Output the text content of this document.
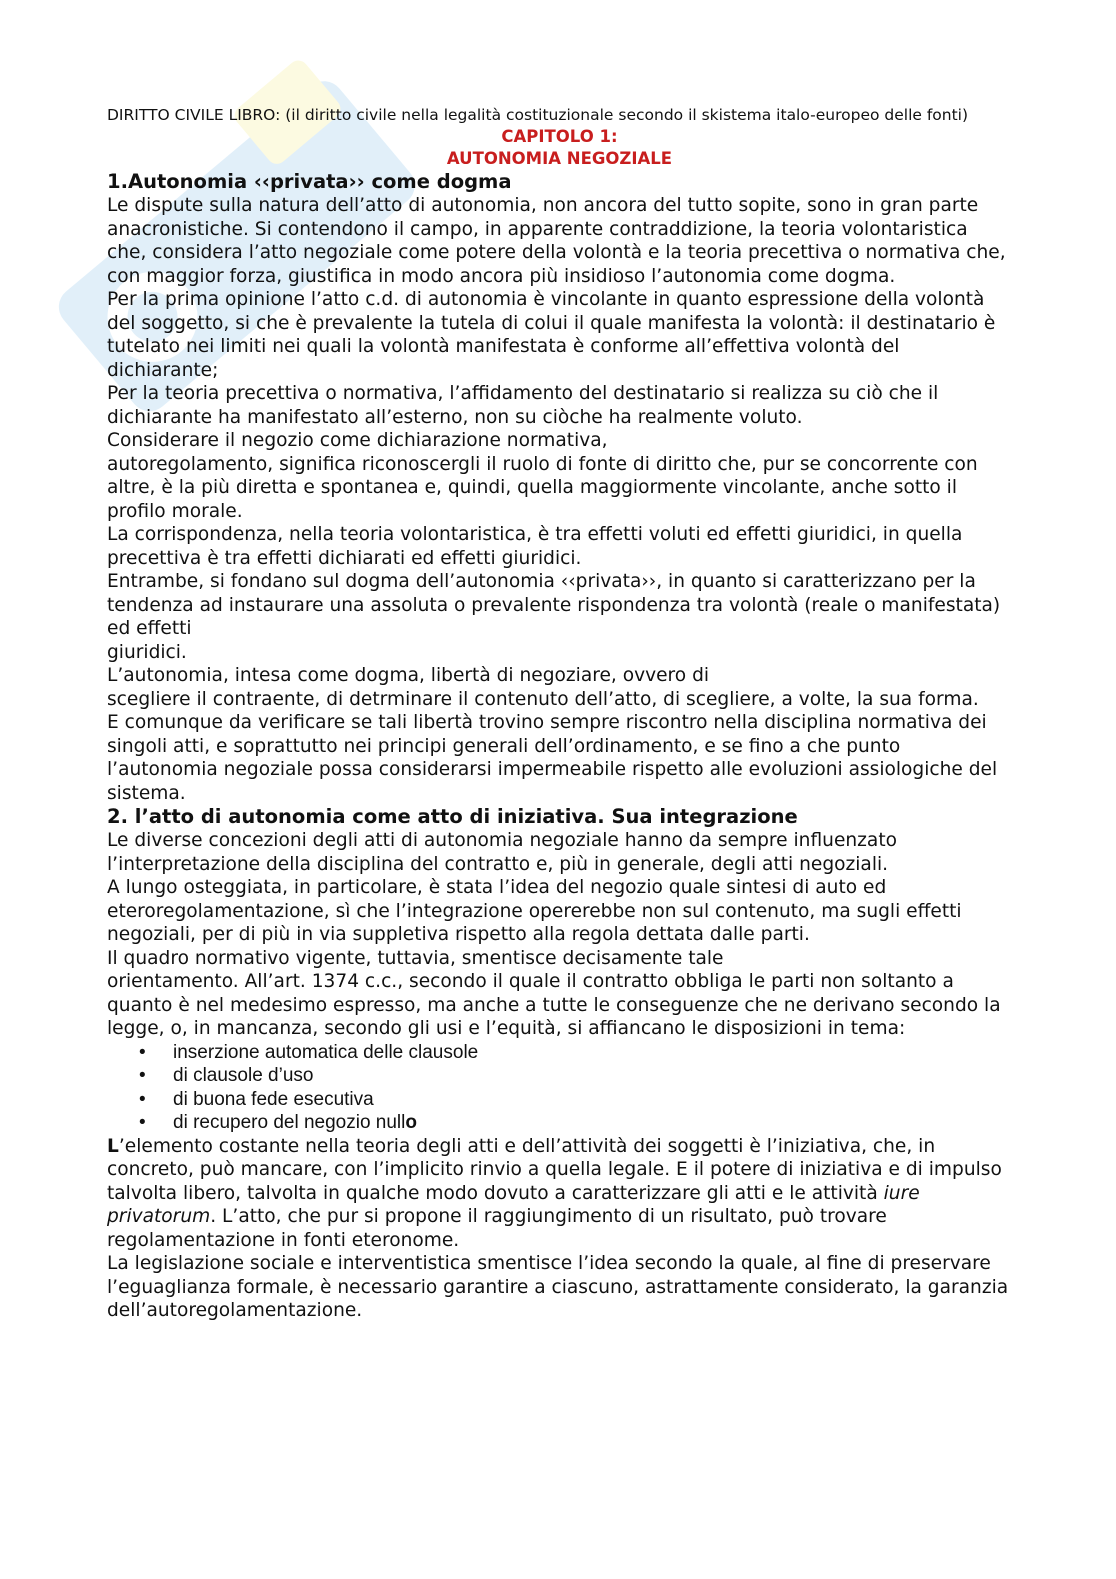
DIRITTO CIVILE LIBRO: (il diritto civile nella legalità costituzionale secondo il skistema italo-europeo delle fonti)
CAPITOLO 1:
AUTONOMIA NEGOZIALE
1.Autonomia ‹‹privata›› come dogma

Le dispute sulla natura dell’atto di autonomia, non ancora del tutto sopite, sono in gran parte anacronistiche. Si contendono il campo, in apparente contraddizione, la teoria volontaristica che, considera l’atto negoziale come potere della volontà e la teoria precettiva o normativa che, con maggior forza, giustifica in modo ancora più insidioso l’autonomia come dogma.

Per la prima opinione l’atto c.d. di autonomia è vincolante in quanto espressione della volontà del soggetto, si che è prevalente la tutela di colui il quale manifesta la volontà: il destinatario è tutelato nei limiti nei quali la volontà manifestata è conforme all’effettiva volontà del dichiarante;

Per la teoria precettiva o normativa, l’affidamento del destinatario si realizza su ciò che il dichiarante ha manifestato all’esterno, non su ciòche ha realmente voluto.

Considerare il negozio come dichiarazione normativa,

autoregolamento, significa riconoscergli il ruolo di fonte di diritto che, pur se concorrente con altre, è la più diretta e spontanea e, quindi, quella maggiormente vincolante, anche sotto il profilo morale.

La corrispondenza, nella teoria volontaristica, è tra effetti voluti ed effetti giuridici, in quella precettiva è tra effetti dichiarati ed effetti giuridici.

Entrambe, si fondano sul dogma dell’autonomia ‹‹privata››, in quanto si caratterizzano per la tendenza ad instaurare una assoluta o prevalente rispondenza tra volontà (reale o manifestata) ed effetti

giuridici.

L’autonomia, intesa come dogma, libertà di negoziare, ovvero di

scegliere il contraente, di detrminare il contenuto dell’atto, di scegliere, a volte, la sua forma.

E comunque da verificare se tali libertà trovino sempre riscontro nella disciplina normativa dei singoli atti, e soprattutto nei principi generali dell’ordinamento, e se fino a che punto l’autonomia negoziale possa considerarsi impermeabile rispetto alle evoluzioni assiologiche del sistema.

2. l’atto di autonomia come atto di iniziativa. Sua integrazione

Le diverse concezioni degli atti di autonomia negoziale hanno da sempre influenzato l’interpretazione della disciplina del contratto e, più in generale, degli atti negoziali.

A lungo osteggiata, in particolare, è stata l’idea del negozio quale sintesi di auto ed eteroregolamentazione, sì che l’integrazione opererebbe non sul contenuto, ma sugli effetti negoziali, per di più in via suppletiva rispetto alla regola dettata dalle parti.

Il quadro normativo vigente, tuttavia, smentisce decisamente tale

orientamento. All’art. 1374 c.c., secondo il quale il contratto obbliga le parti non soltanto a quanto è nel medesimo espresso, ma anche a tutte le conseguenze che ne derivano secondo la legge, o, in mancanza, secondo gli usi e l’equità, si affiancano le disposizioni in tema:

• inserzione automatica delle clausole
• di clausole d’uso
• di buona fede esecutiva
• di recupero del negozio nullo

L’elemento costante nella teoria degli atti e dell’attività dei soggetti è l’iniziativa, che, in concreto, può mancare, con l’implicito rinvio a quella legale. E il potere di iniziativa e di impulso talvolta libero, talvolta in qualche modo dovuto a caratterizzare gli atti e le attività iure privatorum. L’atto, che pur si propone il raggiungimento di un risultato, può trovare regolamentazione in fonti eteronome.

La legislazione sociale e interventistica smentisce l’idea secondo la quale, al fine di preservare l’eguaglianza formale, è necessario garantire a ciascuno, astrattamente considerato, la garanzia dell’autoregolamentazione.
